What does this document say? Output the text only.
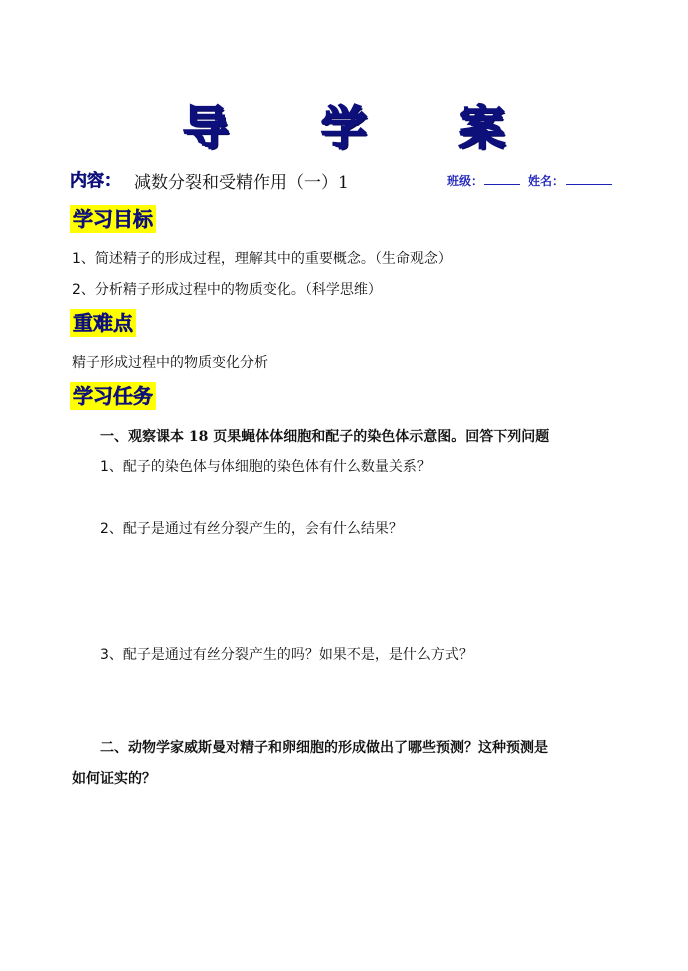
导 学 案
内容： 减数分裂和受精作用（一）1	班级：	姓名：
学习目标
1、简述精子的形成过程，理解其中的重要概念。（生命观念）
2、分析精子形成过程中的物质变化。（科学思维）
重难点
精子形成过程中的物质变化分析
学习任务
一、观察课本 18 页果蝇体体细胞和配子的染色体示意图。回答下列问题
1、配子的染色体与体细胞的染色体有什么数量关系？
2、配子是通过有丝分裂产生的，会有什么结果？
3、配子是通过有丝分裂产生的吗？如果不是，是什么方式？
二、动物学家威斯曼对精子和卵细胞的形成做出了哪些预测？这种预测是
如何证实的？
